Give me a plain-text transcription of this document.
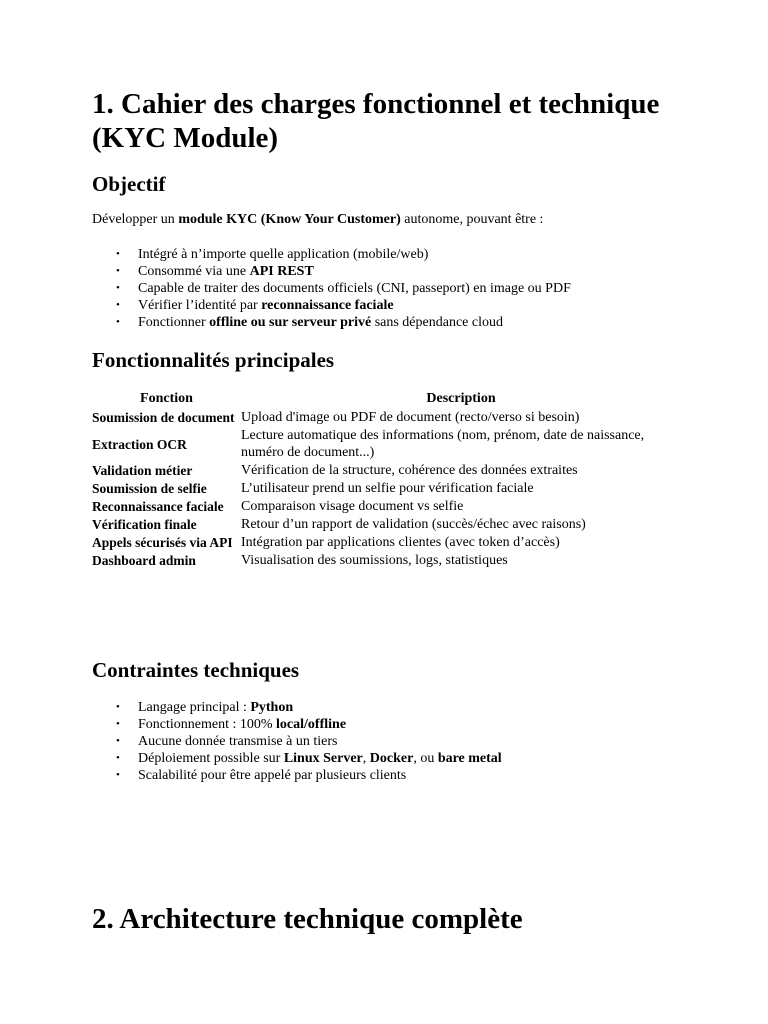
1. Cahier des charges fonctionnel et technique (KYC Module)
Objectif
Développer un module KYC (Know Your Customer) autonome, pouvant être :
• Intégré à n’importe quelle application (mobile/web)
• Consommé via une API REST
• Capable de traiter des documents officiels (CNI, passeport) en image ou PDF
• Vérifier l’identité par reconnaissance faciale
• Fonctionner offline ou sur serveur privé sans dépendance cloud
Fonctionnalités principales
Fonction	Description
Soumission de document	Upload d'image ou PDF de document (recto/verso si besoin)
Extraction OCR	Lecture automatique des informations (nom, prénom, date de naissance, numéro de document...)
Validation métier	Vérification de la structure, cohérence des données extraites
Soumission de selfie	L’utilisateur prend un selfie pour vérification faciale
Reconnaissance faciale	Comparaison visage document vs selfie
Vérification finale	Retour d’un rapport de validation (succès/échec avec raisons)
Appels sécurisés via API	Intégration par applications clientes (avec token d’accès)
Dashboard admin	Visualisation des soumissions, logs, statistiques
Contraintes techniques
• Langage principal : Python
• Fonctionnement : 100% local/offline
• Aucune donnée transmise à un tiers
• Déploiement possible sur Linux Server, Docker, ou bare metal
• Scalabilité pour être appelé par plusieurs clients
2. Architecture technique complète
